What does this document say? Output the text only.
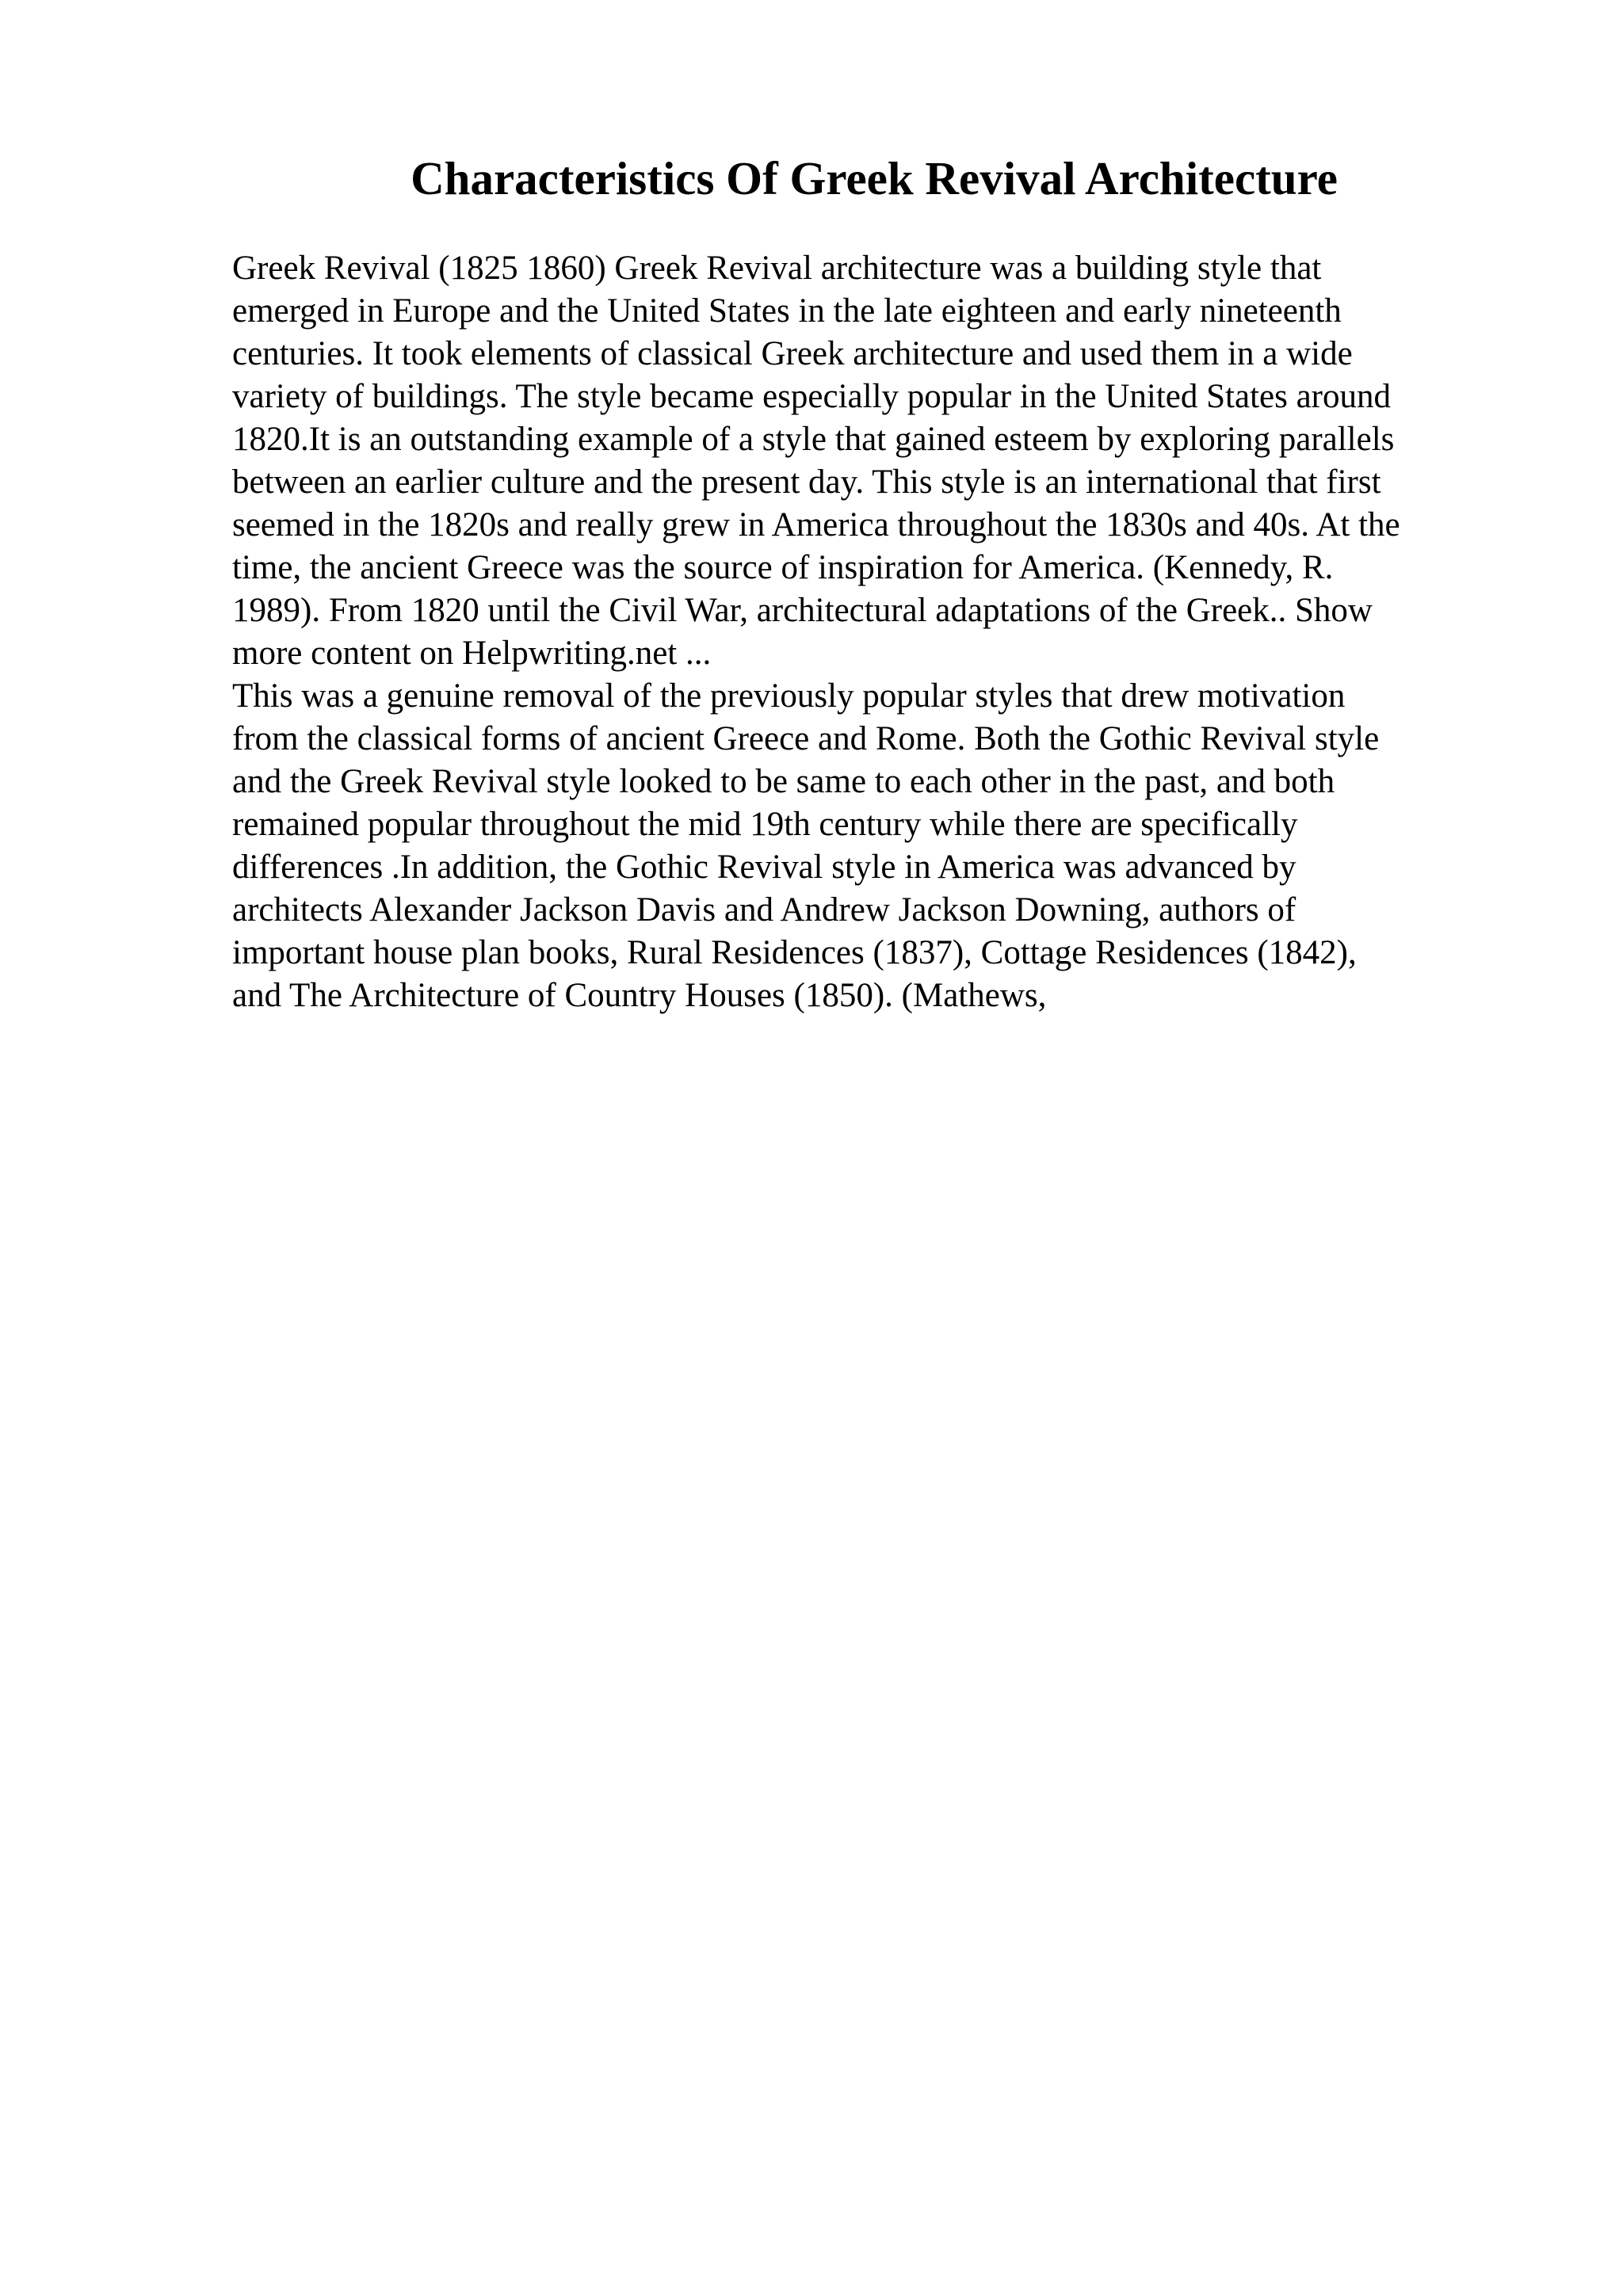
Characteristics Of Greek Revival Architecture
Greek Revival (1825 1860) Greek Revival architecture was a building style that
emerged in Europe and the United States in the late eighteen and early nineteenth
centuries. It took elements of classical Greek architecture and used them in a wide
variety of buildings. The style became especially popular in the United States around
1820.It is an outstanding example of a style that gained esteem by exploring parallels
between an earlier culture and the present day. This style is an international that first
seemed in the 1820s and really grew in America throughout the 1830s and 40s. At the
time, the ancient Greece was the source of inspiration for America. (Kennedy, R.
1989). From 1820 until the Civil War, architectural adaptations of the Greek.. Show
more content on Helpwriting.net ...
This was a genuine removal of the previously popular styles that drew motivation
from the classical forms of ancient Greece and Rome. Both the Gothic Revival style
and the Greek Revival style looked to be same to each other in the past, and both
remained popular throughout the mid 19th century while there are specifically
differences .In addition, the Gothic Revival style in America was advanced by
architects Alexander Jackson Davis and Andrew Jackson Downing, authors of
important house plan books, Rural Residences (1837), Cottage Residences (1842),
and The Architecture of Country Houses (1850). (Mathews,
